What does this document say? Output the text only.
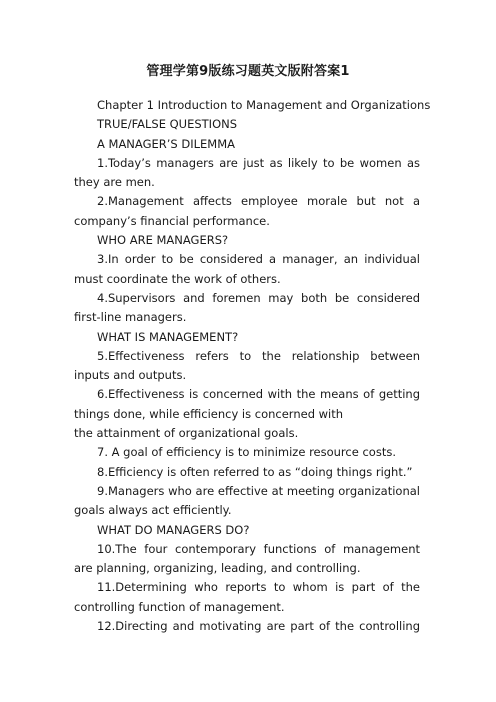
管理学第9版练习题英文版附答案1

Chapter 1 Introduction to Management and Organizations

TRUE/FALSE QUESTIONS

A MANAGER’S DILEMMA

1.Today’s managers are just as likely to be women as they are men.

2.Management affects employee morale but not a company’s financial performance.

WHO ARE MANAGERS?

3.In order to be considered a manager, an individual must coordinate the work of others.

4.Supervisors and foremen may both be considered first-line managers.

WHAT IS MANAGEMENT?

5.Effectiveness refers to the relationship between inputs and outputs.

6.Effectiveness is concerned with the means of getting things done, while efficiency is concerned with

the attainment of organizational goals.

7. A goal of efficiency is to minimize resource costs.

8.Efficiency is often referred to as “doing things right.”

9.Managers who are effective at meeting organizational goals always act efficiently.

WHAT DO MANAGERS DO?

10.The four contemporary functions of management are planning, organizing, leading, and controlling.

11.Determining who reports to whom is part of the controlling function of management.

12.Directing and motivating are part of the controlling
